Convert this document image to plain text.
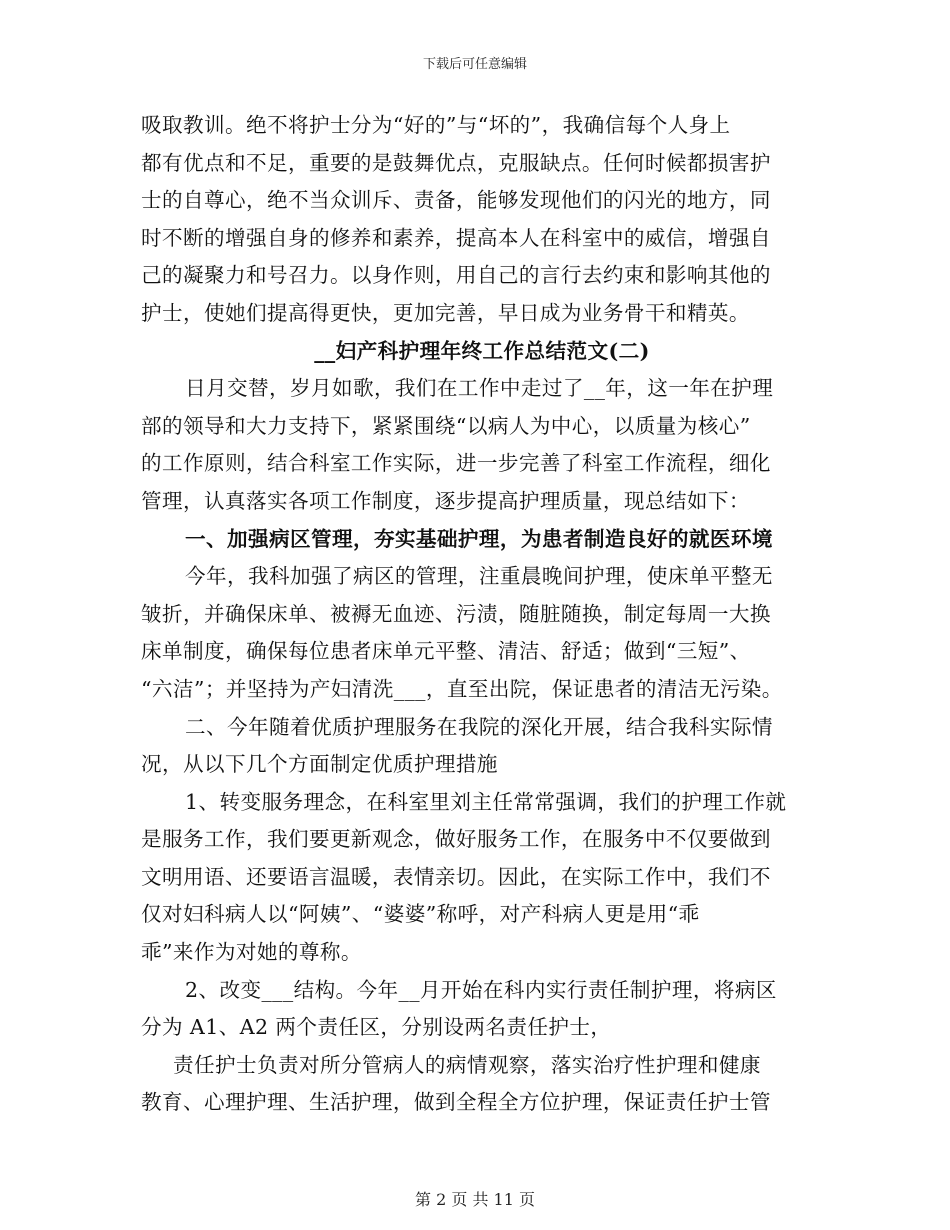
下载后可任意编辑
吸取教训。绝不将护士分为“好的”与“坏的”，我确信每个人身上
都有优点和不足，重要的是鼓舞优点，克服缺点。任何时候都损害护
士的自尊心，绝不当众训斥、责备，能够发现他们的闪光的地方，同
时不断的增强自身的修养和素养，提高本人在科室中的威信，增强自
己的凝聚力和号召力。以身作则，用自己的言行去约束和影响其他的
护士，使她们提高得更快，更加完善，早日成为业务骨干和精英。
__妇产科护理年终工作总结范文(二)
日月交替，岁月如歌，我们在工作中走过了__年，这一年在护理
部的领导和大力支持下，紧紧围绕“以病人为中心，以质量为核心”
的工作原则，结合科室工作实际，进一步完善了科室工作流程，细化
管理，认真落实各项工作制度，逐步提高护理质量，现总结如下：
一、加强病区管理，夯实基础护理，为患者制造良好的就医环境
今年，我科加强了病区的管理，注重晨晚间护理，使床单平整无
皱折，并确保床单、被褥无血迹、污渍，随脏随换，制定每周一大换
床单制度，确保每位患者床单元平整、清洁、舒适；做到“三短”、
“六洁”；并坚持为产妇清洗___，直至出院，保证患者的清洁无污染。
二、今年随着优质护理服务在我院的深化开展，结合我科实际情
况，从以下几个方面制定优质护理措施
1、转变服务理念，在科室里刘主任常常强调，我们的护理工作就
是服务工作，我们要更新观念，做好服务工作，在服务中不仅要做到
文明用语、还要语言温暖，表情亲切。因此，在实际工作中，我们不
仅对妇科病人以“阿姨”、“婆婆”称呼，对产科病人更是用“乖
乖”来作为对她的尊称。
2、改变___结构。今年__月开始在科内实行责任制护理，将病区
分为 A1、A2 两个责任区，分别设两名责任护士，
责任护士负责对所分管病人的病情观察，落实治疗性护理和健康
教育、心理护理、生活护理，做到全程全方位护理，保证责任护士管
第 2 页 共 11 页
